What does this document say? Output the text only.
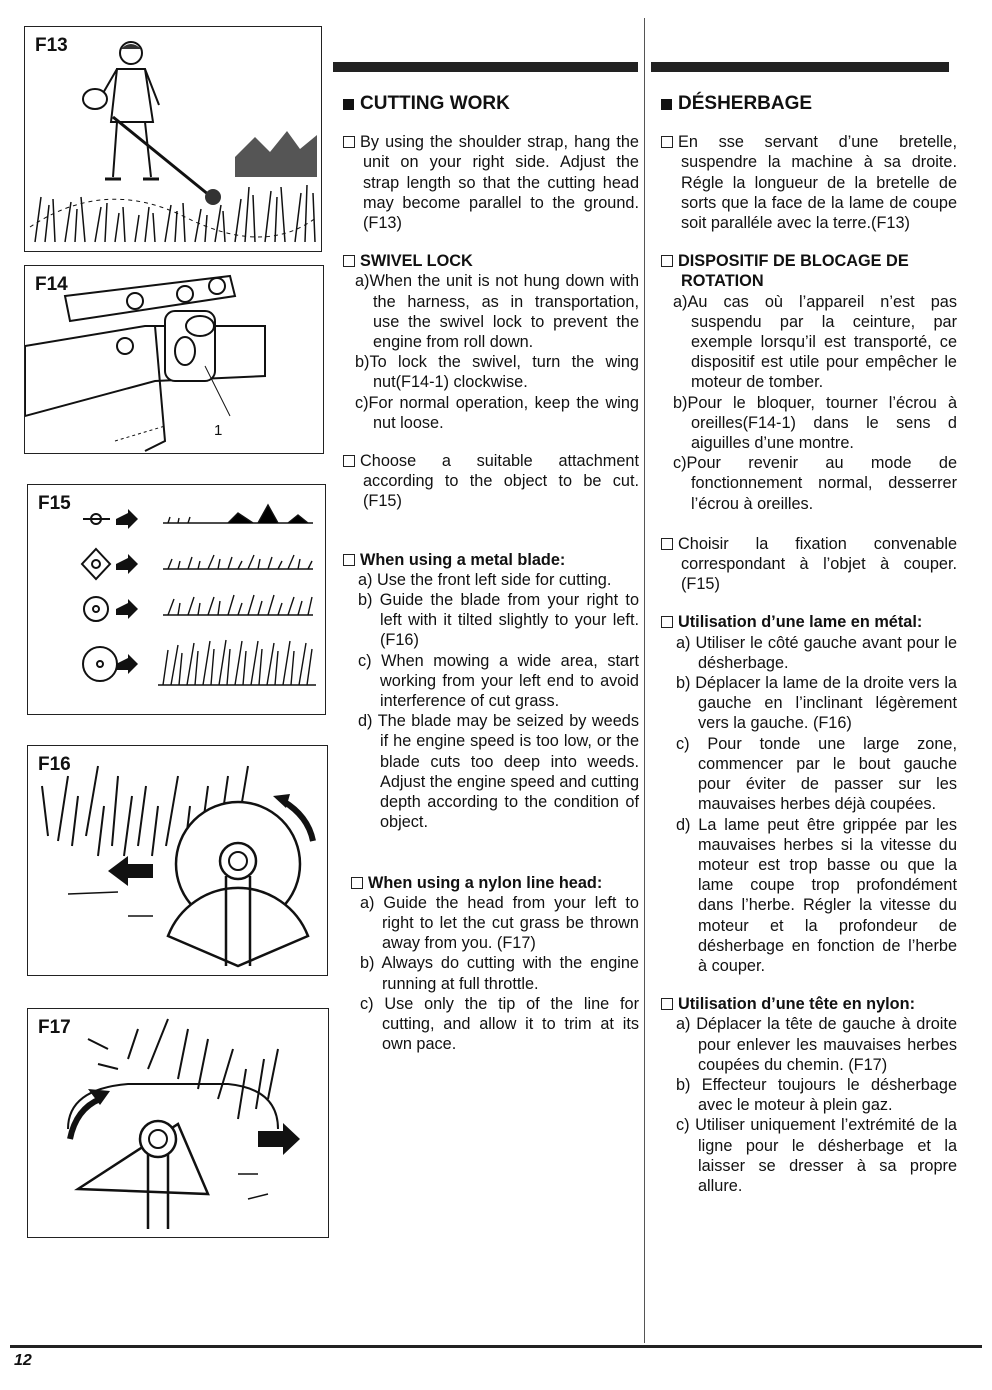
F13
F14
1
F15
F16
F17
CUTTING WORK
By using the shoulder strap, hang the unit on your right side. Adjust the strap length so that the cutting head may become parallel to the ground. (F13)
SWIVEL LOCK
a)When the unit is not hung down with the harness, as in transportation, use the swivel lock to prevent the engine from roll down.
b)To lock the swivel, turn the wing nut(F14-1) clockwise.
c)For normal operation, keep the wing nut loose.
Choose a suitable attachment according to the object to be cut. (F15)
When using a metal blade:
a) Use the front left side for cutting.
b) Guide the blade from your right to left with it tilted slightly to your left. (F16)
c) When mowing a wide area, start working from your left end to avoid interference of cut grass.
d) The blade may be seized by weeds if he engine speed is too low, or the blade cuts too deep into weeds. Adjust the engine speed and cutting depth according to the condition of object.
When using a nylon line head:
a) Guide the head from your left to right to let the cut grass be thrown away from you. (F17)
b) Always do cutting with the engine running at full throttle.
c) Use only the tip of the line for cutting, and allow it to trim at its own pace.
DÉSHERBAGE
En sse servant d’une bretelle, suspendre la machine à sa droite. Régle la longueur de la bretelle de sorts que la face de la lame de coupe soit paralléle avec la terre.(F13)
DISPOSITIF DE BLOCAGE DE ROTATION
a)Au cas où l’appareil n’est pas suspendu par la ceinture, par exemple lorsqu’il est transporté, ce dispositif est utile pour empêcher le moteur de tomber.
b)Pour le bloquer, tourner l’écrou à oreilles(F14-1) dans le sens d aiguilles d’une montre.
c)Pour revenir au mode de fonctionnement normal, desserrer l’écrou à oreilles.
Choisir la fixation convenable correspondant à l’objet à couper. (F15)
Utilisation d’une lame en métal:
a) Utiliser le côté gauche avant pour le désherbage.
b) Déplacer la lame de la droite vers la gauche en l’inclinant légèrement vers la gauche. (F16)
c) Pour tonde une large zone, commencer par le bout gauche pour éviter de passer sur les mauvaises herbes déjà coupées.
d) La lame peut être grippée par les mauvaises herbes si la vitesse du moteur est trop basse ou que la lame coupe trop profondément dans l’herbe. Régler la vitesse du moteur et la profondeur de désherbage en fonction de l’herbe à couper.
Utilisation d’une tête en nylon:
a) Déplacer la tête de gauche à droite pour enlever les mauvaises herbes coupées du chemin. (F17)
b) Effecteur toujours le désherbage avec le moteur à plein gaz.
c) Utiliser uniquement l’extrémité de la ligne pour le désherbage et la laisser se dresser à sa propre allure.
12
